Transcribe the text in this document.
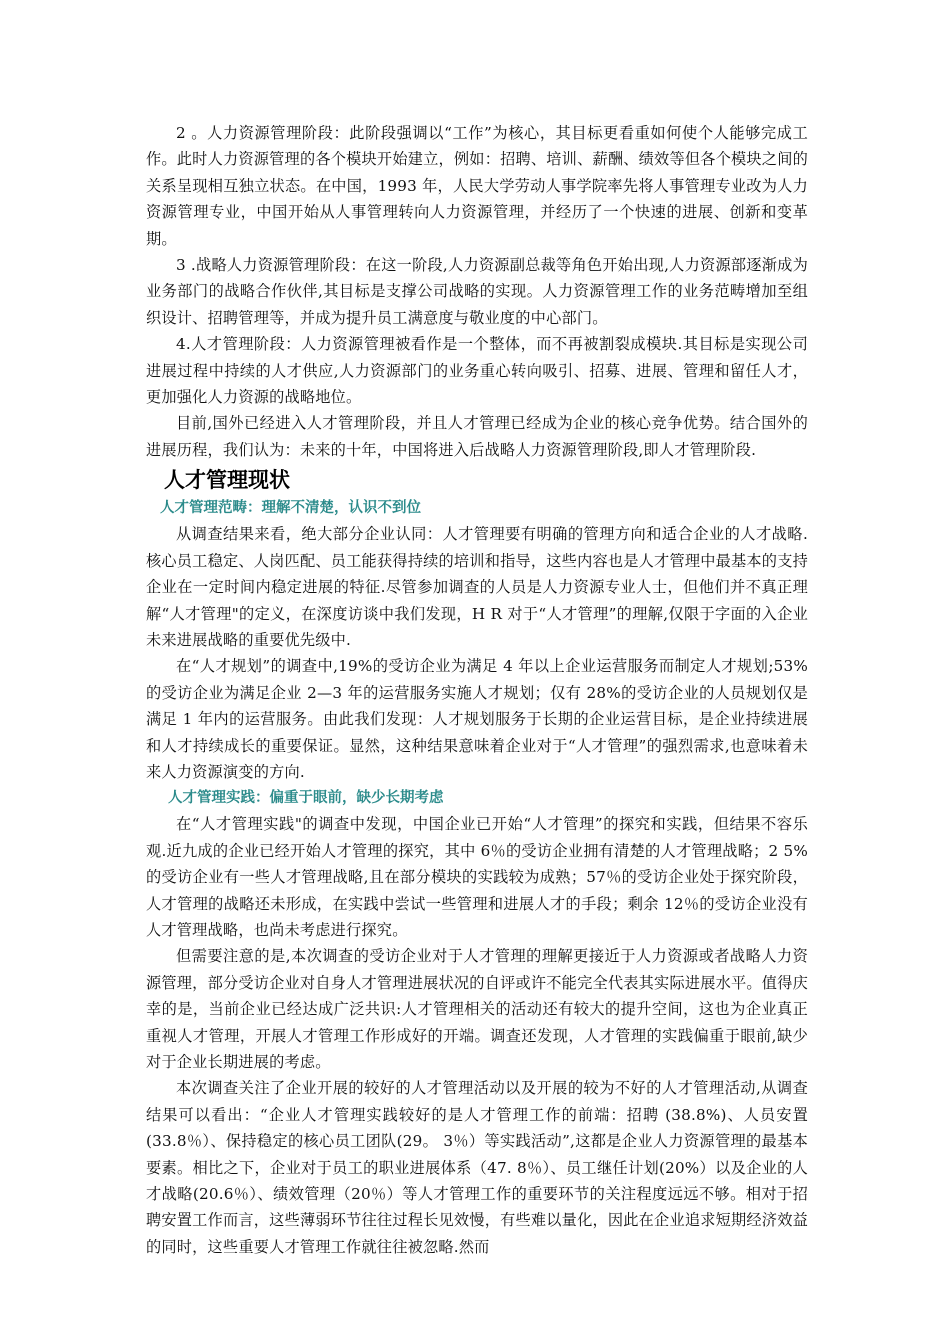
2 。人力资源管理阶段：此阶段强调以“工作”为核心，其目标更看重如何使个人能够完成工作。此时人力资源管理的各个模块开始建立，例如：招聘、培训、薪酬、绩效等但各个模块之间的关系呈现相互独立状态。在中国，1993 年，人民大学劳动人事学院率先将人事管理专业改为人力资源管理专业，中国开始从人事管理转向人力资源管理，并经历了一个快速的进展、创新和变革期。

3 .战略人力资源管理阶段：在这一阶段,人力资源副总裁等角色开始出现,人力资源部逐渐成为业务部门的战略合作伙伴,其目标是支撑公司战略的实现。人力资源管理工作的业务范畴增加至组织设计、招聘管理等，并成为提升员工满意度与敬业度的中心部门。

4.人才管理阶段：人力资源管理被看作是一个整体，而不再被割裂成模块.其目标是实现公司进展过程中持续的人才供应,人力资源部门的业务重心转向吸引、招募、进展、管理和留任人才，更加强化人力资源的战略地位。

目前,国外已经进入人才管理阶段，并且人才管理已经成为企业的核心竞争优势。结合国外的进展历程，我们认为：未来的十年，中国将进入后战略人力资源管理阶段,即人才管理阶段.

人才管理现状
人才管理范畴：理解不清楚，认识不到位

从调查结果来看，绝大部分企业认同：人才管理要有明确的管理方向和适合企业的人才战略.核心员工稳定、人岗匹配、员工能获得持续的培训和指导，这些内容也是人才管理中最基本的支持企业在一定时间内稳定进展的特征.尽管参加调查的人员是人力资源专业人士，但他们并不真正理解“人才管理"的定义，在深度访谈中我们发现，H R 对于“人才管理”的理解,仅限于字面的入企业未来进展战略的重要优先级中.

在“人才规划”的调查中,19%的受访企业为满足 4 年以上企业运营服务而制定人才规划;53%的受访企业为满足企业 2—3 年的运营服务实施人才规划；仅有 28%的受访企业的人员规划仅是满足 1 年内的运营服务。由此我们发现：人才规划服务于长期的企业运营目标，是企业持续进展和人才持续成长的重要保证。显然，这种结果意味着企业对于“人才管理”的强烈需求,也意味着未来人力资源演变的方向.

人才管理实践：偏重于眼前，缺少长期考虑

在“人才管理实践"的调查中发现，中国企业已开始“人才管理”的探究和实践，但结果不容乐观.近九成的企业已经开始人才管理的探究，其中 6％的受访企业拥有清楚的人才管理战略；2 5%的受访企业有一些人才管理战略,且在部分模块的实践较为成熟；57％的受访企业处于探究阶段，人才管理的战略还未形成，在实践中尝试一些管理和进展人才的手段；剩余 12％的受访企业没有人才管理战略，也尚未考虑进行探究。

但需要注意的是,本次调查的受访企业对于人才管理的理解更接近于人力资源或者战略人力资源管理，部分受访企业对自身人才管理进展状况的自评或许不能完全代表其实际进展水平。值得庆幸的是，当前企业已经达成广泛共识:人才管理相关的活动还有较大的提升空间，这也为企业真正重视人才管理，开展人才管理工作形成好的开端。调查还发现，人才管理的实践偏重于眼前,缺少对于企业长期进展的考虑。

本次调查关注了企业开展的较好的人才管理活动以及开展的较为不好的人才管理活动,从调查结果可以看出：“企业人才管理实践较好的是人才管理工作的前端：招聘 (38.8%)、人员安置(33.8％）、保持稳定的核心员工团队(29。 3％）等实践活动”,这都是企业人力资源管理的最基本要素。相比之下，企业对于员工的职业进展体系（47. 8％）、员工继任计划(20%）以及企业的人才战略(20.6％）、绩效管理（20％）等人才管理工作的重要环节的关注程度远远不够。相对于招聘安置工作而言，这些薄弱环节往往过程长见效慢，有些难以量化，因此在企业追求短期经济效益的同时，这些重要人才管理工作就往往被忽略.然而
